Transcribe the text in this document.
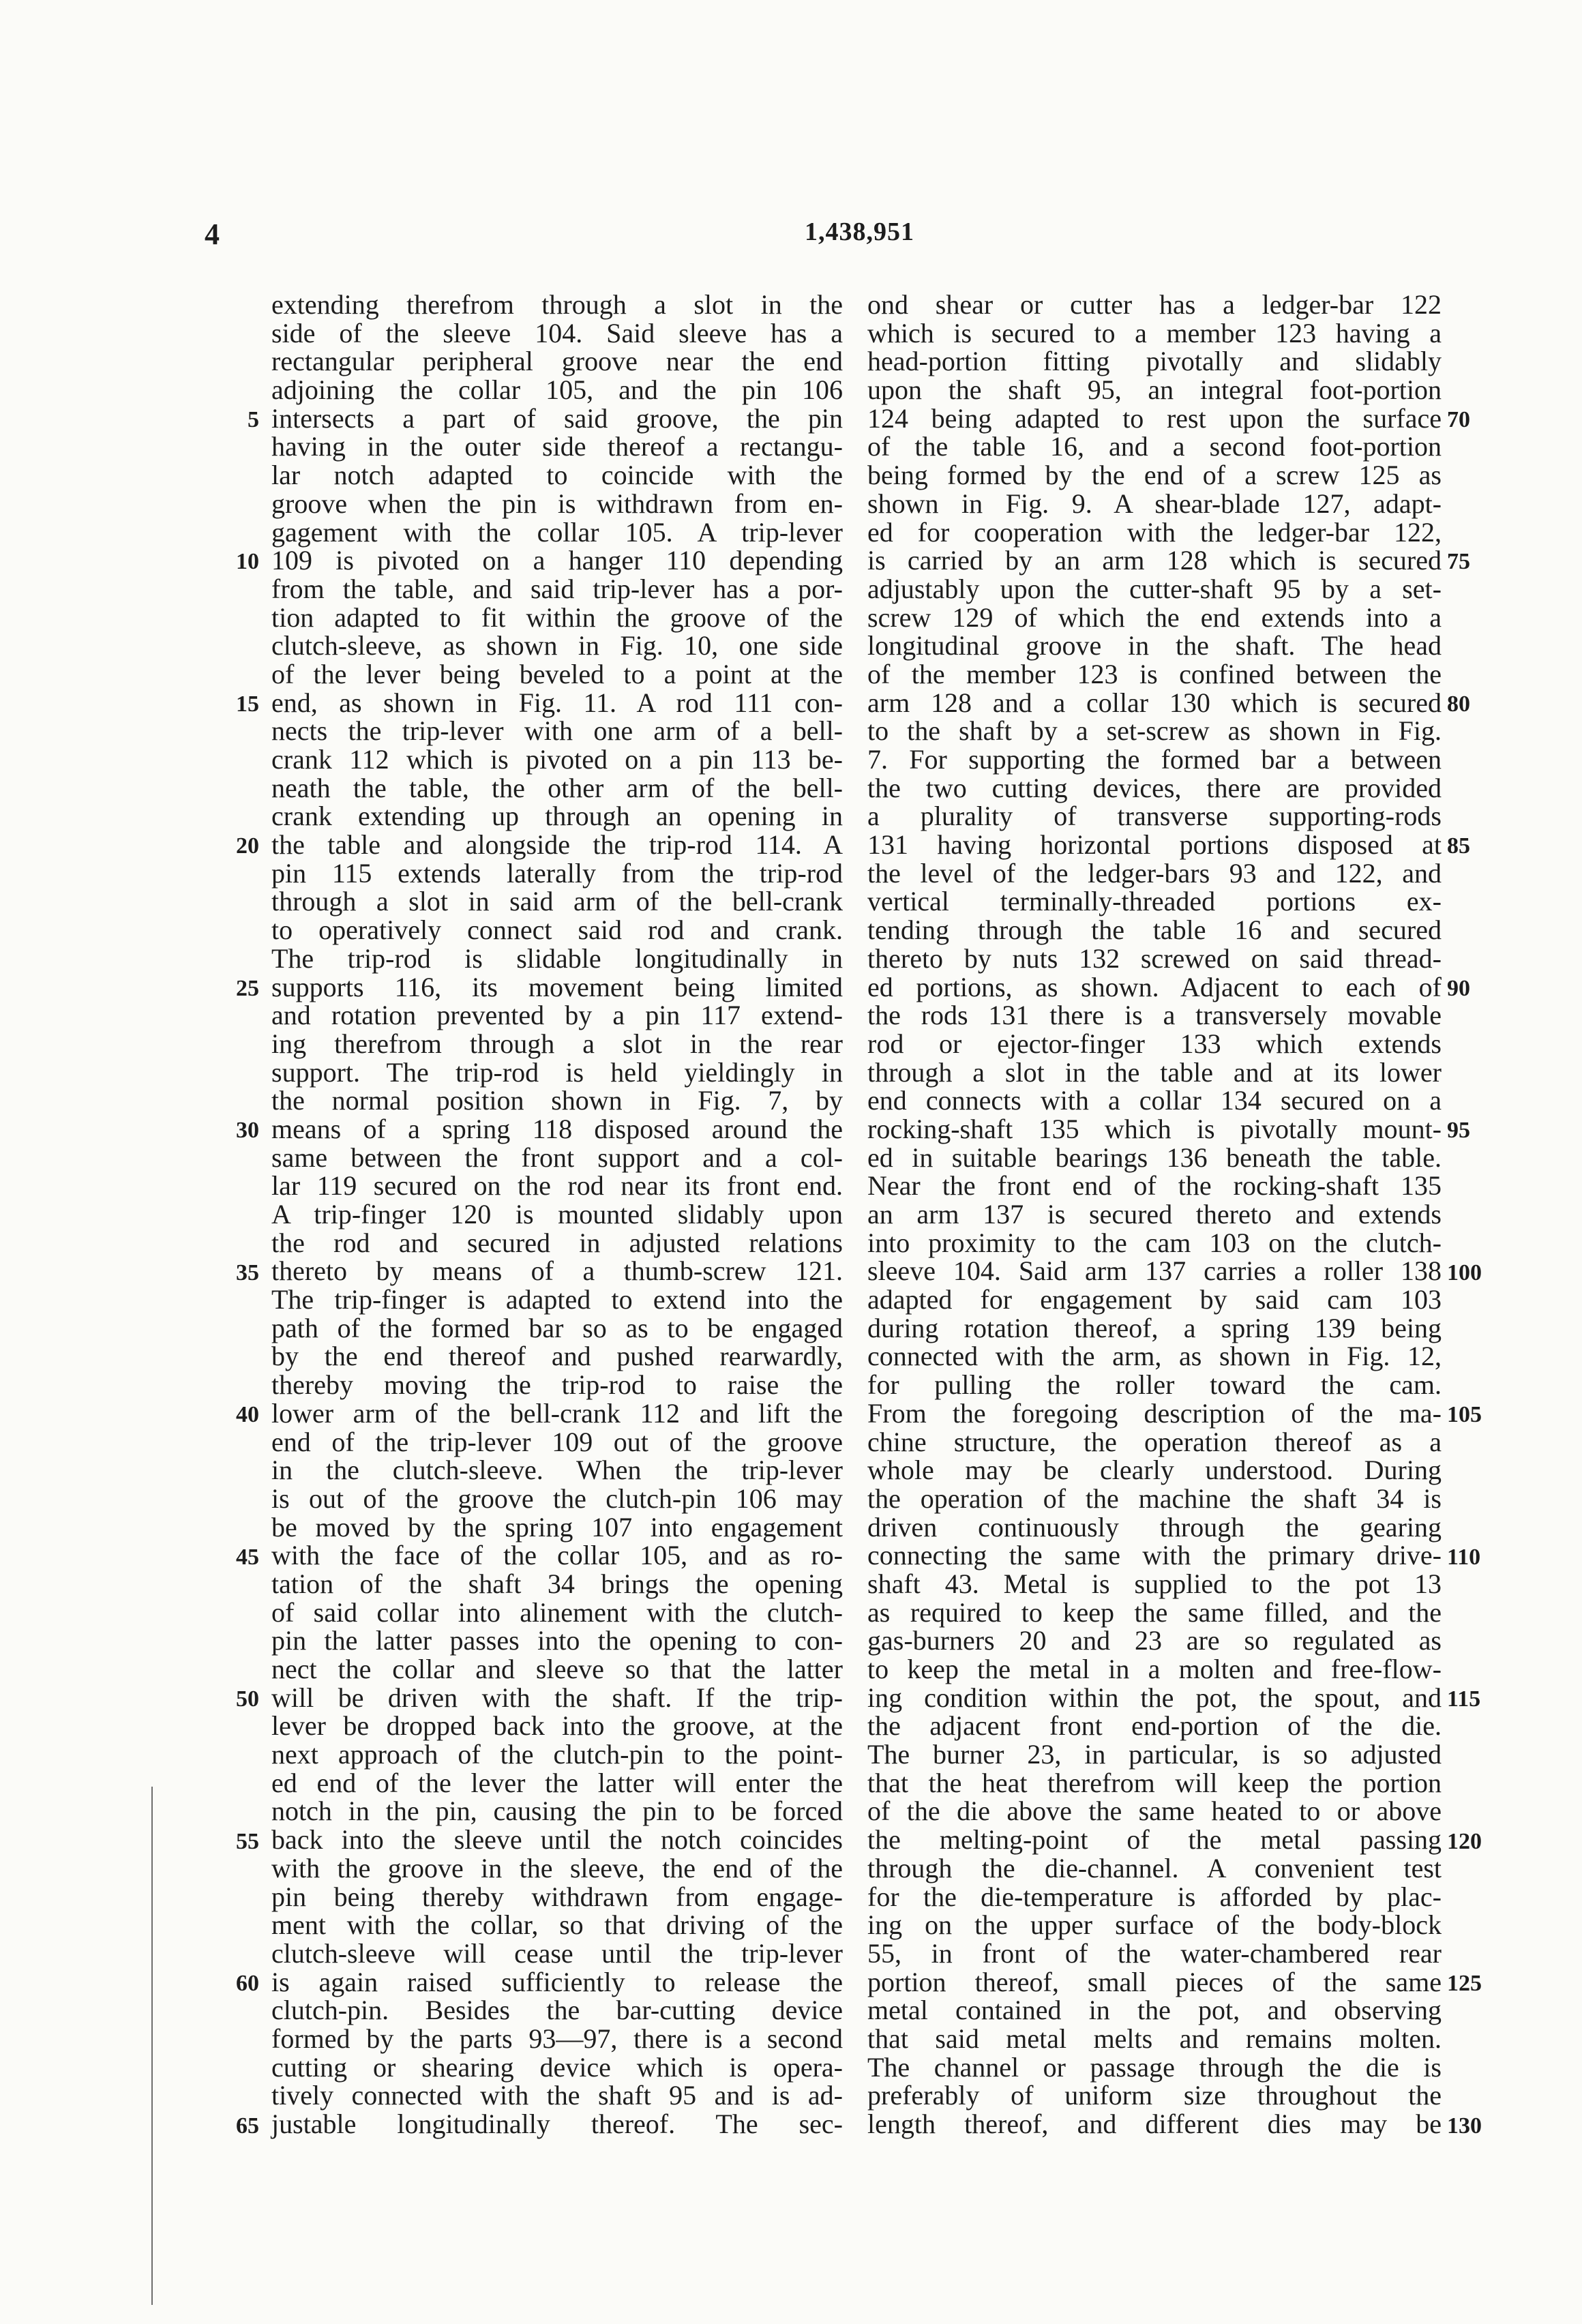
4	1,438,951
5
10
15
20
25
30
35
40
45
50
55
60
65
extending therefrom through a slot in the
side of the sleeve 104. Said sleeve has a
rectangular peripheral groove near the end
adjoining the collar 105, and the pin 106
intersects a part of said groove, the pin
having in the outer side thereof a rectangu-
lar notch adapted to coincide with the
groove when the pin is withdrawn from en-
gagement with the collar 105. A trip-lever
109 is pivoted on a hanger 110 depending
from the table, and said trip-lever has a por-
tion adapted to fit within the groove of the
clutch-sleeve, as shown in Fig. 10, one side
of the lever being beveled to a point at the
end, as shown in Fig. 11. A rod 111 con-
nects the trip-lever with one arm of a bell-
crank 112 which is pivoted on a pin 113 be-
neath the table, the other arm of the bell-
crank extending up through an opening in
the table and alongside the trip-rod 114. A
pin 115 extends laterally from the trip-rod
through a slot in said arm of the bell-crank
to operatively connect said rod and crank.
The trip-rod is slidable longitudinally in
supports 116, its movement being limited
and rotation prevented by a pin 117 extend-
ing therefrom through a slot in the rear
support. The trip-rod is held yieldingly in
the normal position shown in Fig. 7, by
means of a spring 118 disposed around the
same between the front support and a col-
lar 119 secured on the rod near its front end.
A trip-finger 120 is mounted slidably upon
the rod and secured in adjusted relations
thereto by means of a thumb-screw 121.
The trip-finger is adapted to extend into the
path of the formed bar so as to be engaged
by the end thereof and pushed rearwardly,
thereby moving the trip-rod to raise the
lower arm of the bell-crank 112 and lift the
end of the trip-lever 109 out of the groove
in the clutch-sleeve. When the trip-lever
is out of the groove the clutch-pin 106 may
be moved by the spring 107 into engagement
with the face of the collar 105, and as ro-
tation of the shaft 34 brings the opening
of said collar into alinement with the clutch-
pin the latter passes into the opening to con-
nect the collar and sleeve so that the latter
will be driven with the shaft. If the trip-
lever be dropped back into the groove, at the
next approach of the clutch-pin to the point-
ed end of the lever the latter will enter the
notch in the pin, causing the pin to be forced
back into the sleeve until the notch coincides
with the groove in the sleeve, the end of the
pin being thereby withdrawn from engage-
ment with the collar, so that driving of the
clutch-sleeve will cease until the trip-lever
is again raised sufficiently to release the
clutch-pin. Besides the bar-cutting device
formed by the parts 93—97, there is a second
cutting or shearing device which is opera-
tively connected with the shaft 95 and is ad-
justable longitudinally thereof. The sec-
ond shear or cutter has a ledger-bar 122
which is secured to a member 123 having a
head-portion fitting pivotally and slidably
upon the shaft 95, an integral foot-portion
124 being adapted to rest upon the surface
of the table 16, and a second foot-portion
being formed by the end of a screw 125 as
shown in Fig. 9. A shear-blade 127, adapt-
ed for cooperation with the ledger-bar 122,
is carried by an arm 128 which is secured
adjustably upon the cutter-shaft 95 by a set-
screw 129 of which the end extends into a
longitudinal groove in the shaft. The head
of the member 123 is confined between the
arm 128 and a collar 130 which is secured
to the shaft by a set-screw as shown in Fig.
7. For supporting the formed bar a between
the two cutting devices, there are provided
a plurality of transverse supporting-rods
131 having horizontal portions disposed at
the level of the ledger-bars 93 and 122, and
vertical terminally-threaded portions ex-
tending through the table 16 and secured
thereto by nuts 132 screwed on said thread-
ed portions, as shown. Adjacent to each of
the rods 131 there is a transversely movable
rod or ejector-finger 133 which extends
through a slot in the table and at its lower
end connects with a collar 134 secured on a
rocking-shaft 135 which is pivotally mount-
ed in suitable bearings 136 beneath the table.
Near the front end of the rocking-shaft 135
an arm 137 is secured thereto and extends
into proximity to the cam 103 on the clutch-
sleeve 104. Said arm 137 carries a roller 138
adapted for engagement by said cam 103
during rotation thereof, a spring 139 being
connected with the arm, as shown in Fig. 12,
for pulling the roller toward the cam.
From the foregoing description of the ma-
chine structure, the operation thereof as a
whole may be clearly understood. During
the operation of the machine the shaft 34 is
driven continuously through the gearing
connecting the same with the primary drive-
shaft 43. Metal is supplied to the pot 13
as required to keep the same filled, and the
gas-burners 20 and 23 are so regulated as
to keep the metal in a molten and free-flow-
ing condition within the pot, the spout, and
the adjacent front end-portion of the die.
The burner 23, in particular, is so adjusted
that the heat therefrom will keep the portion
of the die above the same heated to or above
the melting-point of the metal passing
through the die-channel. A convenient test
for the die-temperature is afforded by plac-
ing on the upper surface of the body-block
55, in front of the water-chambered rear
portion thereof, small pieces of the same
metal contained in the pot, and observing
that said metal melts and remains molten.
The channel or passage through the die is
preferably of uniform size throughout the
length thereof, and different dies may be
70
75
80
85
90
95
100
105
110
115
120
125
130
